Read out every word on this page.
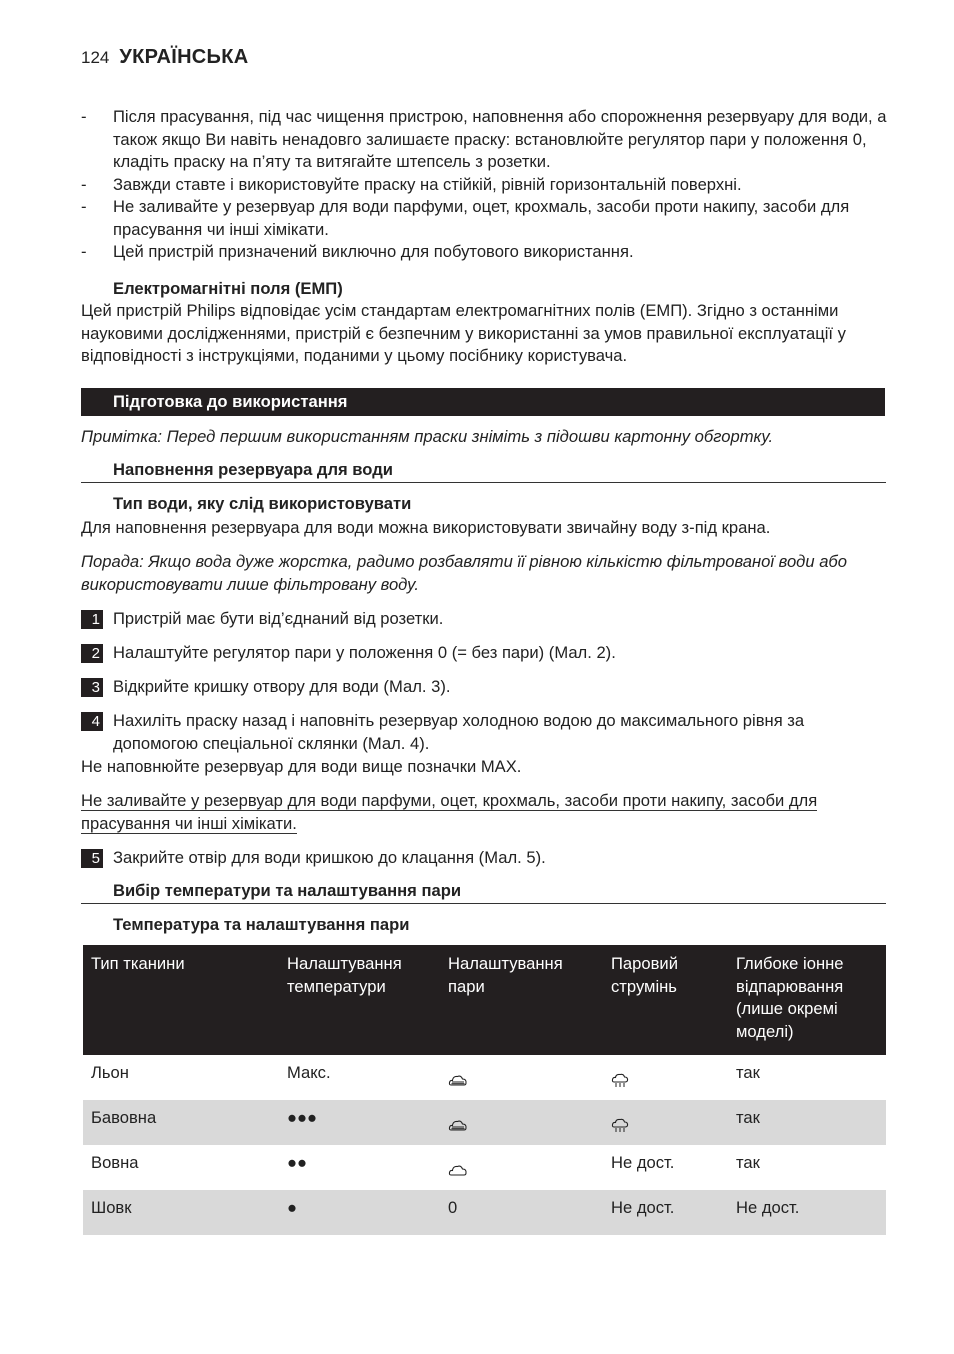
124 УКРАЇНСЬКА
-	Після прасування, під час чищення пристрою, наповнення або спорожнення резервуару для води, а також якщо Ви навіть ненадовго залишаєте праску: встановлюйте регулятор пари у положення 0, кладіть праску на п’яту та витягайте штепсель з розетки.
-	Завжди ставте і використовуйте праску на стійкій, рівній горизонтальній поверхні.
-	Не заливайте у резервуар для води парфуми, оцет, крохмаль, засоби проти накипу, засоби для прасування чи інші хімікати.
-	Цей пристрій призначений виключно для побутового використання.
Електромагнітні поля (ЕМП)
Цей пристрій Philips відповідає усім стандартам електромагнітних полів (ЕМП). Згідно з останніми науковими дослідженнями, пристрій є безпечним у використанні за умов правильної експлуатації у відповідності з інструкціями, поданими у цьому посібнику користувача.
Підготовка до використання
Примітка: Перед першим використанням праски зніміть з підошви картонну обгортку.
Наповнення резервуара для води
Тип води, яку слід використовувати
Для наповнення резервуара для води можна використовувати звичайну воду з-під крана.
Порада: Якщо вода дуже жорстка, радимо розбавляти її рівною кількістю фільтрованої води або використовувати лише фільтровану воду.
1 Пристрій має бути від’єднаний від розетки.
2 Налаштуйте регулятор пари у положення 0 (= без пари) (Мал. 2).
3 Відкрийте кришку отвору для води (Мал. 3).
4 Нахиліть праску назад і наповніть резервуар холодною водою до максимального рівня за допомогою спеціальної склянки (Мал. 4).
Не наповнюйте резервуар для води вище позначки MAX.
Не заливайте у резервуар для води парфуми, оцет, крохмаль, засоби проти накипу, засоби для прасування чи інші хімікати.
5 Закрийте отвір для води кришкою до клацання (Мал. 5).
Вибір температури та налаштування пари
Температура та налаштування пари
Тип тканини	Налаштування температури	Налаштування пари	Паровий струмінь	Глибоке іонне відпарювання (лише окремі моделі)
Льон	Макс.			так
Бавовна	●●●			так
Вовна	●●		Не дост.	так
Шовк	●	0	Не дост.	Не дост.
